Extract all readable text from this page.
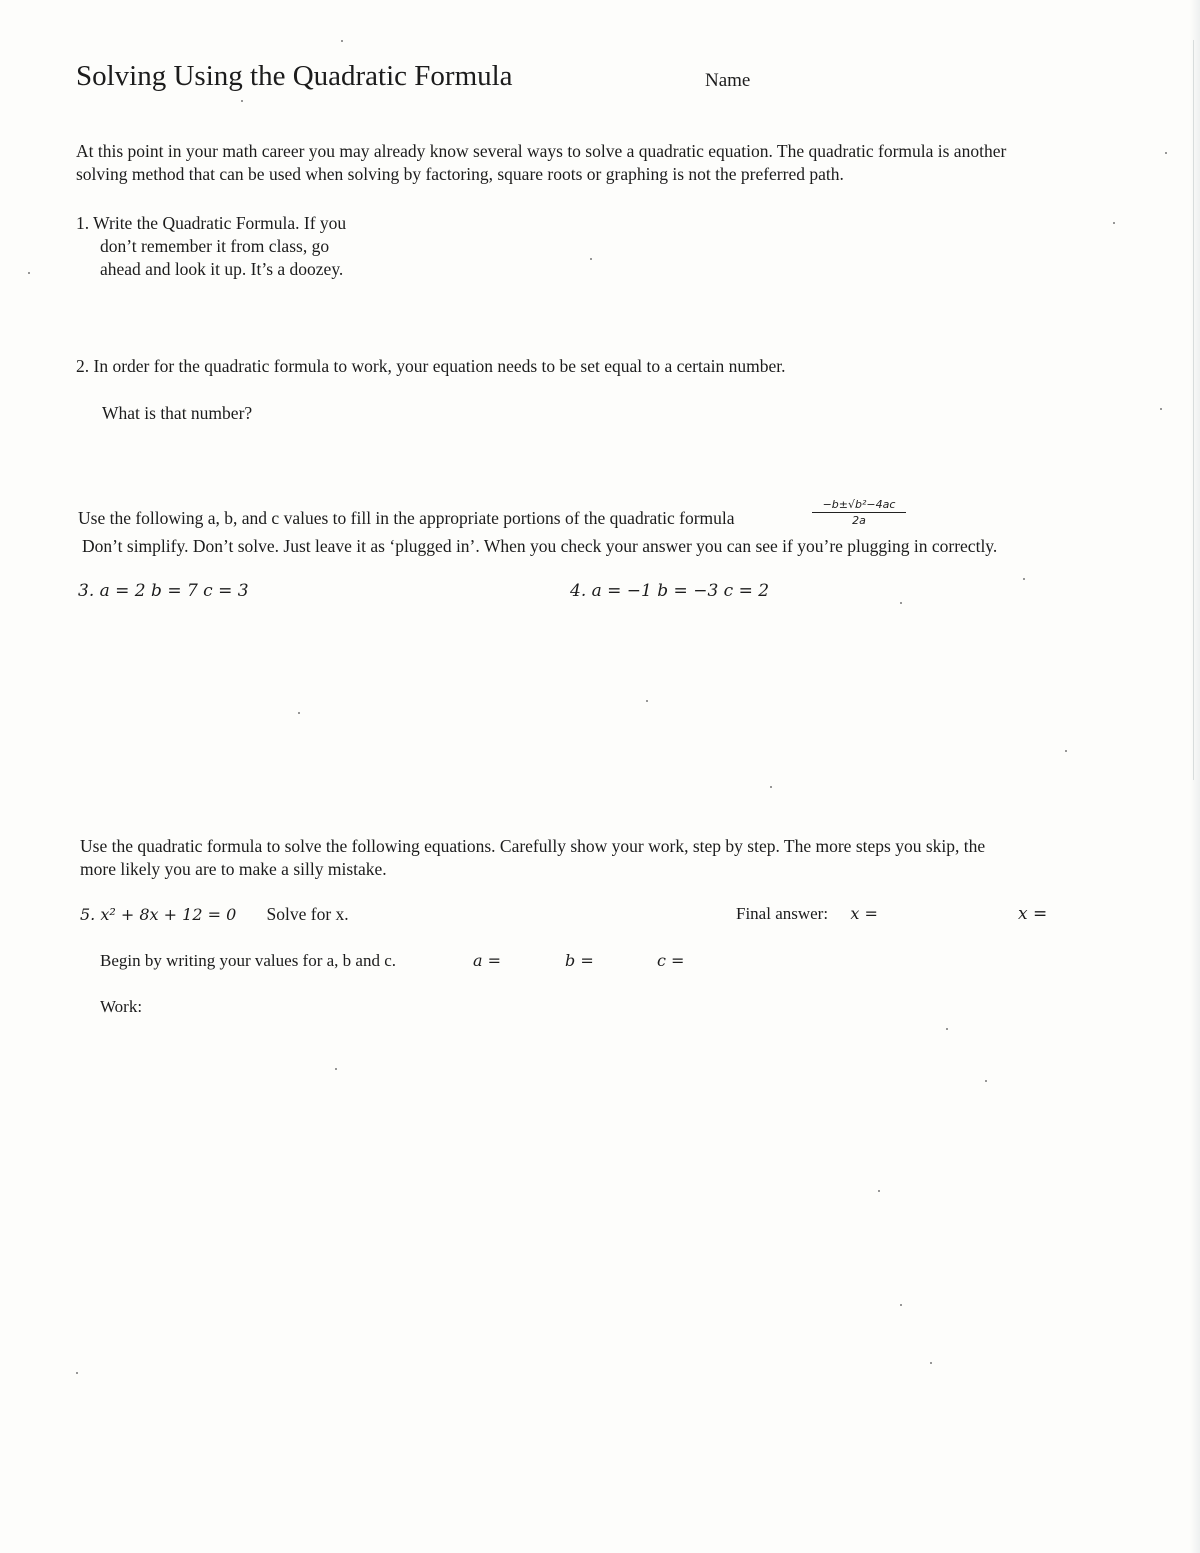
Solving Using the Quadratic Formula	Name
At this point in your math career you may already know several ways to solve a quadratic equation. The quadratic formula is another
solving method that can be used when solving by factoring, square roots or graphing is not the preferred path.
1. Write the Quadratic Formula. If you
don’t remember it from class, go
ahead and look it up. It’s a doozey.
2. In order for the quadratic formula to work, your equation needs to be set equal to a certain number.
What is that number?
Use the following a, b, and c values to fill in the appropriate portions of the quadratic formula	$\frac{\text{−b±√b²−4ac}}{2a}$
Don’t simplify. Don’t solve. Just leave it as ‘plugged in’. When you check your answer you can see if you’re plugging in correctly.
3. a = 2 b = 7 c = 3	4. a = −1 b = −3 c = 2
Use the quadratic formula to solve the following equations. Carefully show your work, step by step. The more steps you skip, the
more likely you are to make a silly mistake.
5. x² + 8x + 12 = 0 Solve for x.	Final answer: x =	x =
Begin by writing your values for a, b and c.	a =	b =	c =
Work:
